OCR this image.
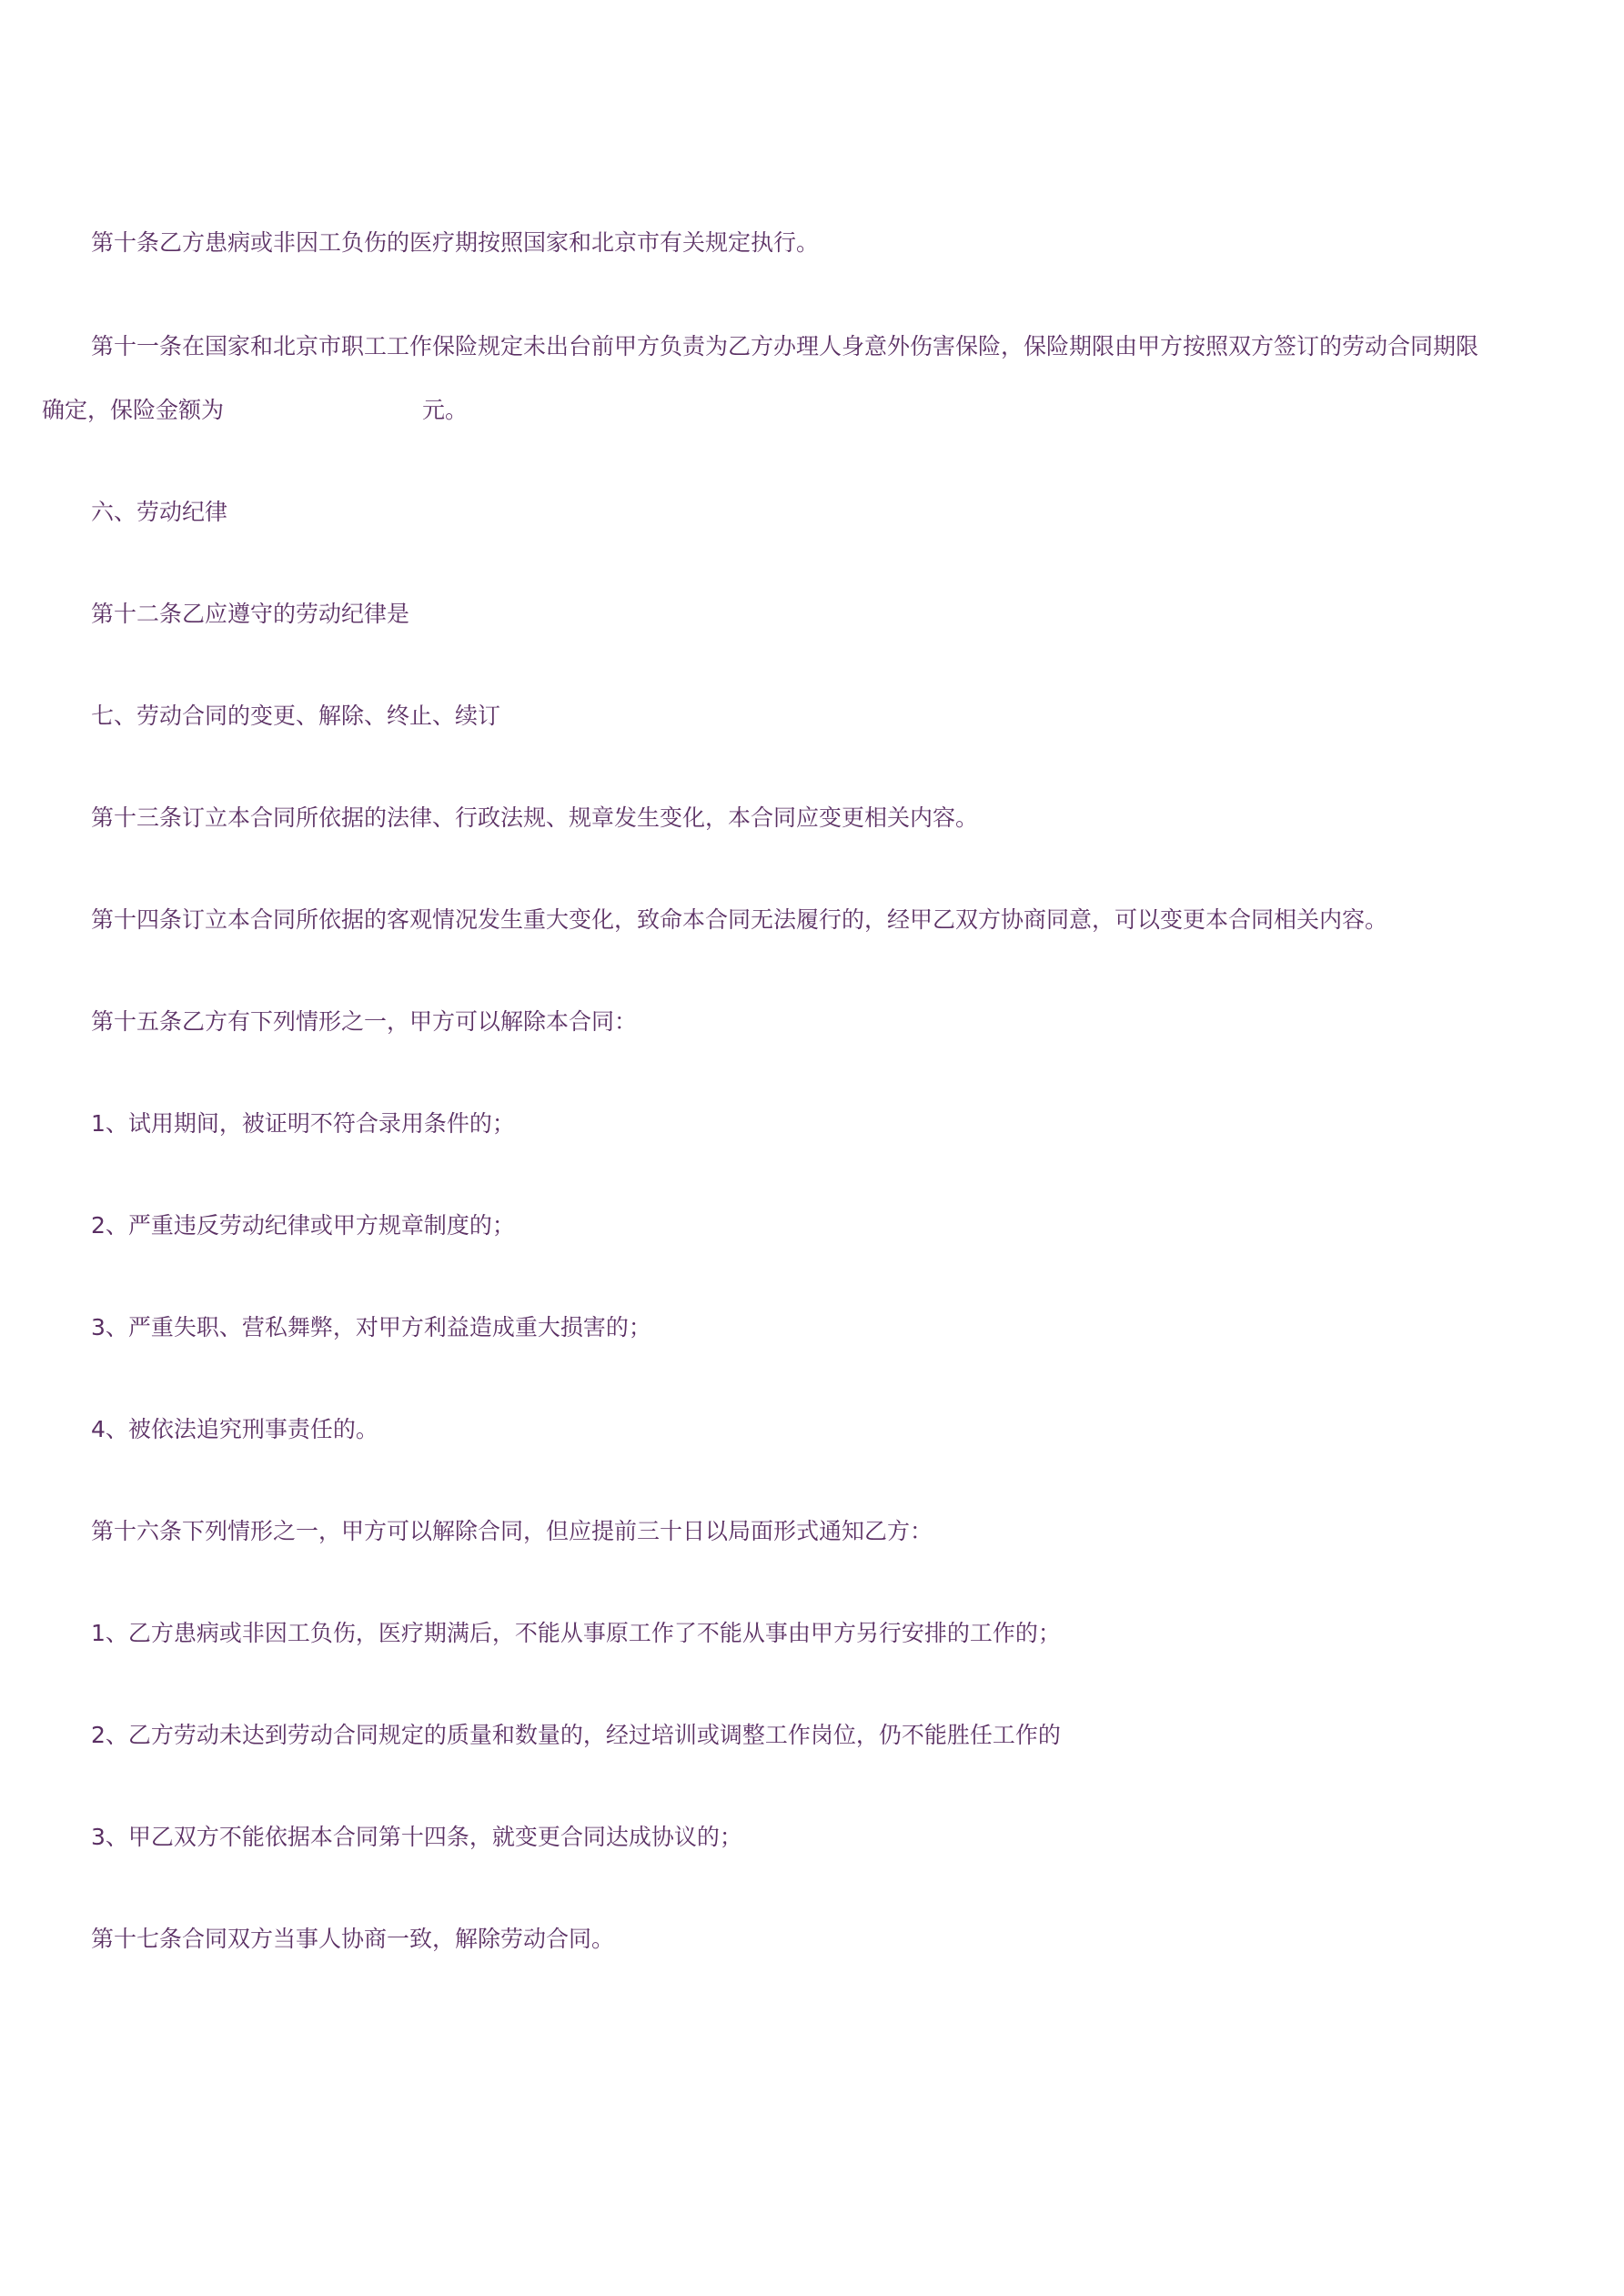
第十条乙方患病或非因工负伤的医疗期按照国家和北京市有关规定执行。
第十一条在国家和北京市职工工作保险规定未出台前甲方负责为乙方办理人身意外伤害保险，保险期限由甲方按照双方签订的劳动合同期限
确定，保险金额为	元。
六、劳动纪律
第十二条乙应遵守的劳动纪律是
七、劳动合同的变更、解除、终止、续订
第十三条订立本合同所依据的法律、行政法规、规章发生变化，本合同应变更相关内容。
第十四条订立本合同所依据的客观情况发生重大变化，致命本合同无法履行的，经甲乙双方协商同意，可以变更本合同相关内容。
第十五条乙方有下列情形之一，甲方可以解除本合同：
1、试用期间，被证明不符合录用条件的；
2、严重违反劳动纪律或甲方规章制度的；
3、严重失职、营私舞弊，对甲方利益造成重大损害的；
4、被依法追究刑事责任的。
第十六条下列情形之一，甲方可以解除合同，但应提前三十日以局面形式通知乙方：
1、乙方患病或非因工负伤，医疗期满后，不能从事原工作了不能从事由甲方另行安排的工作的；
2、乙方劳动未达到劳动合同规定的质量和数量的，经过培训或调整工作岗位，仍不能胜任工作的
3、甲乙双方不能依据本合同第十四条，就变更合同达成协议的；
第十七条合同双方当事人协商一致，解除劳动合同。
